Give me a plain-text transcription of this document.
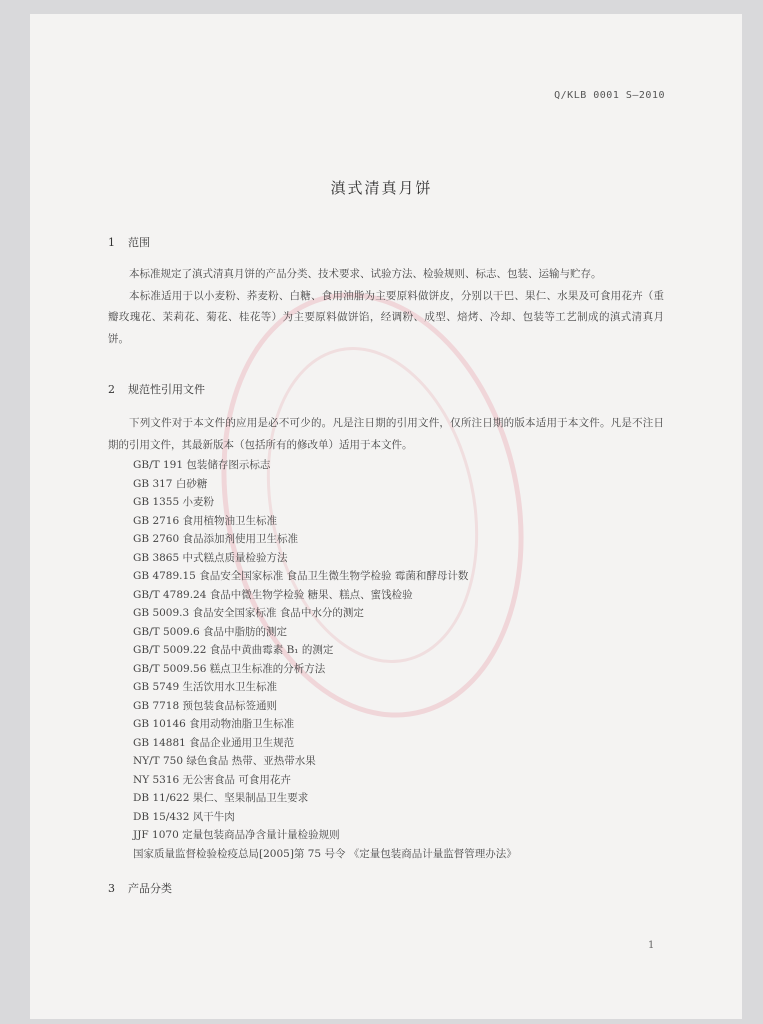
Q/KLB 0001 S—2010
滇式清真月饼
1 范围

本标准规定了滇式清真月饼的产品分类、技术要求、试验方法、检验规则、标志、包装、运输与贮存。

本标准适用于以小麦粉、荞麦粉、白糖、食用油脂为主要原料做饼皮，分别以干巴、果仁、水果及可食用花卉（重瓣玫瑰花、茉莉花、菊花、桂花等）为主要原料做饼馅，经调粉、成型、焙烤、冷却、包装等工艺制成的滇式清真月饼。

2 规范性引用文件

下列文件对于本文件的应用是必不可少的。凡是注日期的引用文件，仅所注日期的版本适用于本文件。凡是不注日期的引用文件，其最新版本（包括所有的修改单）适用于本文件。

GB/T 191 包装储存图示标志
GB 317 白砂糖
GB 1355 小麦粉
GB 2716 食用植物油卫生标准
GB 2760 食品添加剂使用卫生标准
GB 3865 中式糕点质量检验方法
GB 4789.15 食品安全国家标准 食品卫生微生物学检验 霉菌和酵母计数
GB/T 4789.24 食品中微生物学检验 糖果、糕点、蜜饯检验
GB 5009.3 食品安全国家标准 食品中水分的测定
GB/T 5009.6 食品中脂肪的测定
GB/T 5009.22 食品中黄曲霉素 B₁ 的测定
GB/T 5009.56 糕点卫生标准的分析方法
GB 5749 生活饮用水卫生标准
GB 7718 预包装食品标签通则
GB 10146 食用动物油脂卫生标准
GB 14881 食品企业通用卫生规范
NY/T 750 绿色食品 热带、亚热带水果
NY 5316 无公害食品 可食用花卉
DB 11/622 果仁、坚果制品卫生要求
DB 15/432 风干牛肉
JJF 1070 定量包装商品净含量计量检验规则
国家质量监督检验检疫总局[2005]第 75 号令 《定量包装商品计量监督管理办法》
3 产品分类
1
